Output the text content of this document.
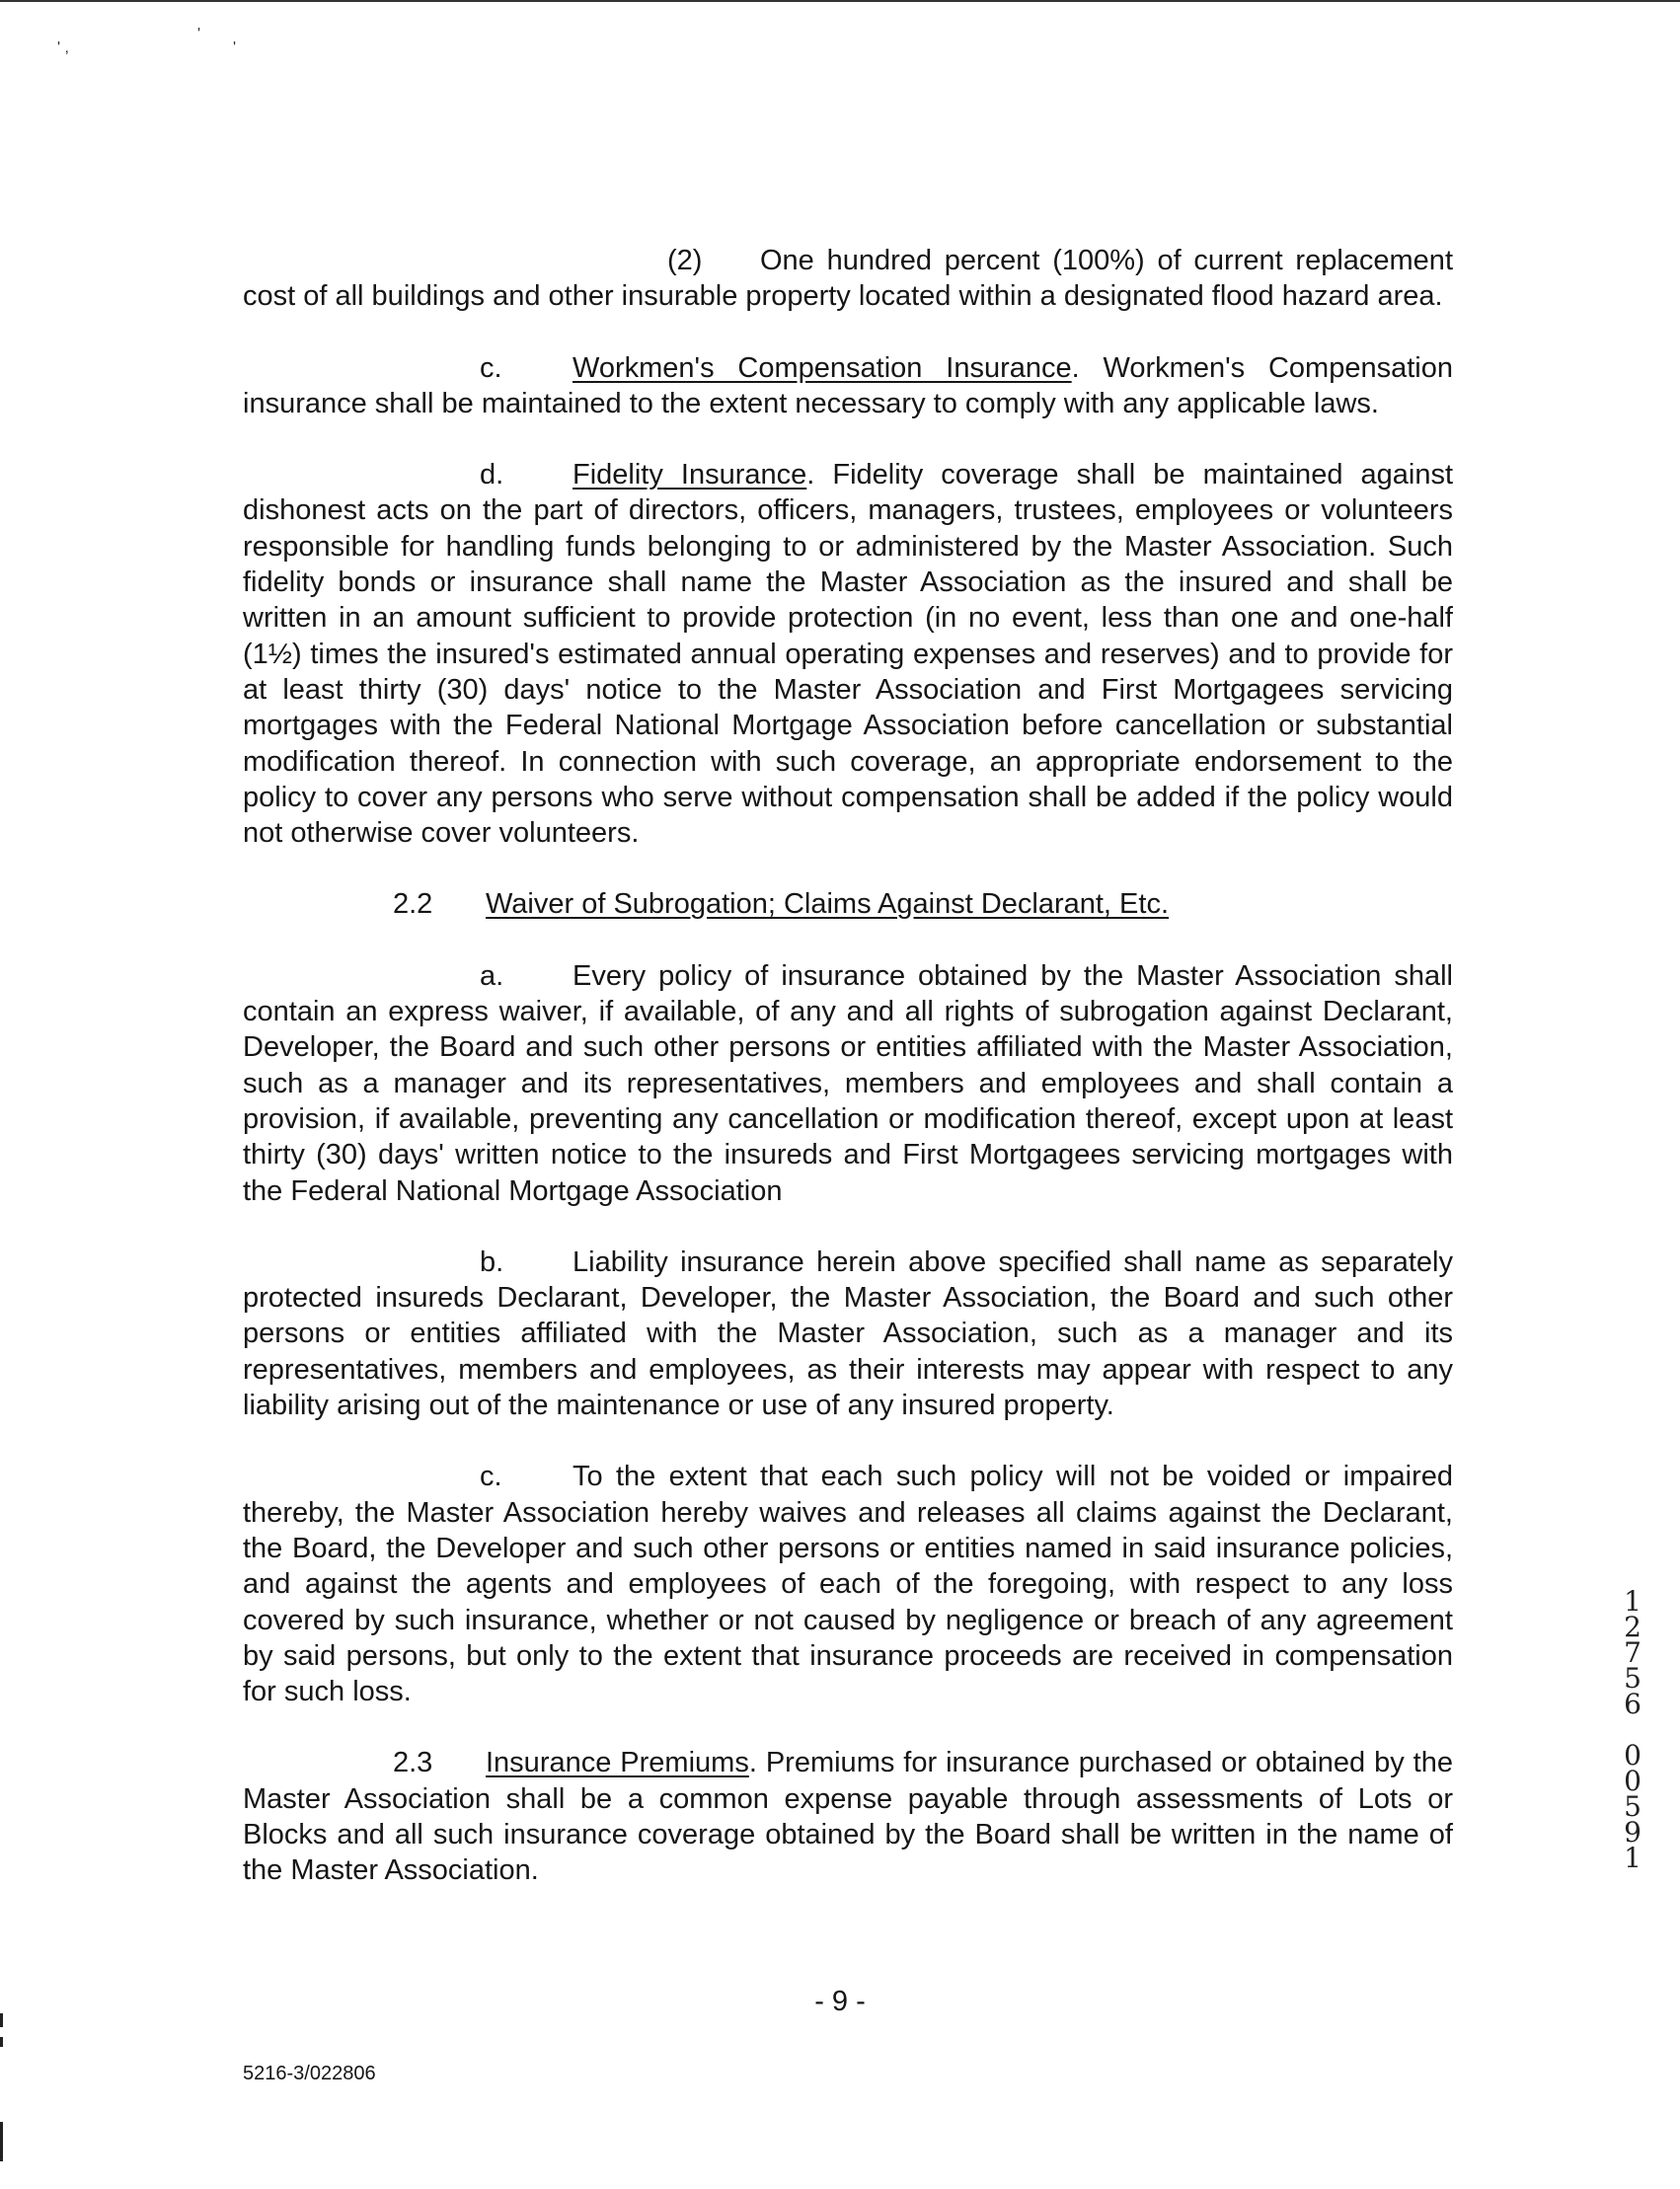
' ,
'
'

(2) One hundred percent (100%) of current replacement cost of all buildings and other insurable property located within a designated flood hazard area.

c. Workmen's Compensation Insurance. Workmen's Compensation insurance shall be maintained to the extent necessary to comply with any applicable laws.

d. Fidelity Insurance. Fidelity coverage shall be maintained against dishonest acts on the part of directors, officers, managers, trustees, employees or volunteers responsible for handling funds belonging to or administered by the Master Association. Such fidelity bonds or insurance shall name the Master Association as the insured and shall be written in an amount sufficient to provide protection (in no event, less than one and one-half (1½) times the insured's estimated annual operating expenses and reserves) and to provide for at least thirty (30) days' notice to the Master Association and First Mortgagees servicing mortgages with the Federal National Mortgage Association before cancellation or substantial modification thereof. In connection with such coverage, an appropriate endorsement to the policy to cover any persons who serve without compensation shall be added if the policy would not otherwise cover volunteers.

2.2 Waiver of Subrogation; Claims Against Declarant, Etc.

a. Every policy of insurance obtained by the Master Association shall contain an express waiver, if available, of any and all rights of subrogation against Declarant, Developer, the Board and such other persons or entities affiliated with the Master Association, such as a manager and its representatives, members and employees and shall contain a provision, if available, preventing any cancellation or modification thereof, except upon at least thirty (30) days' written notice to the insureds and First Mortgagees servicing mortgages with the Federal National Mortgage Association

b. Liability insurance herein above specified shall name as separately protected insureds Declarant, Developer, the Master Association, the Board and such other persons or entities affiliated with the Master Association, such as a manager and its representatives, members and employees, as their interests may appear with respect to any liability arising out of the maintenance or use of any insured property.

c. To the extent that each such policy will not be voided or impaired thereby, the Master Association hereby waives and releases all claims against the Declarant, the Board, the Developer and such other persons or entities named in said insurance policies, and against the agents and employees of each of the foregoing, with respect to any loss covered by such insurance, whether or not caused by negligence or breach of any agreement by said persons, but only to the extent that insurance proceeds are received in compensation for such loss.

2.3 Insurance Premiums. Premiums for insurance purchased or obtained by the Master Association shall be a common expense payable through assessments of Lots or Blocks and all such insurance coverage obtained by the Board shall be written in the name of the Master Association.

- 9 -
5216-3/022806
1
2
7
5
6
0
0
5
9
1
